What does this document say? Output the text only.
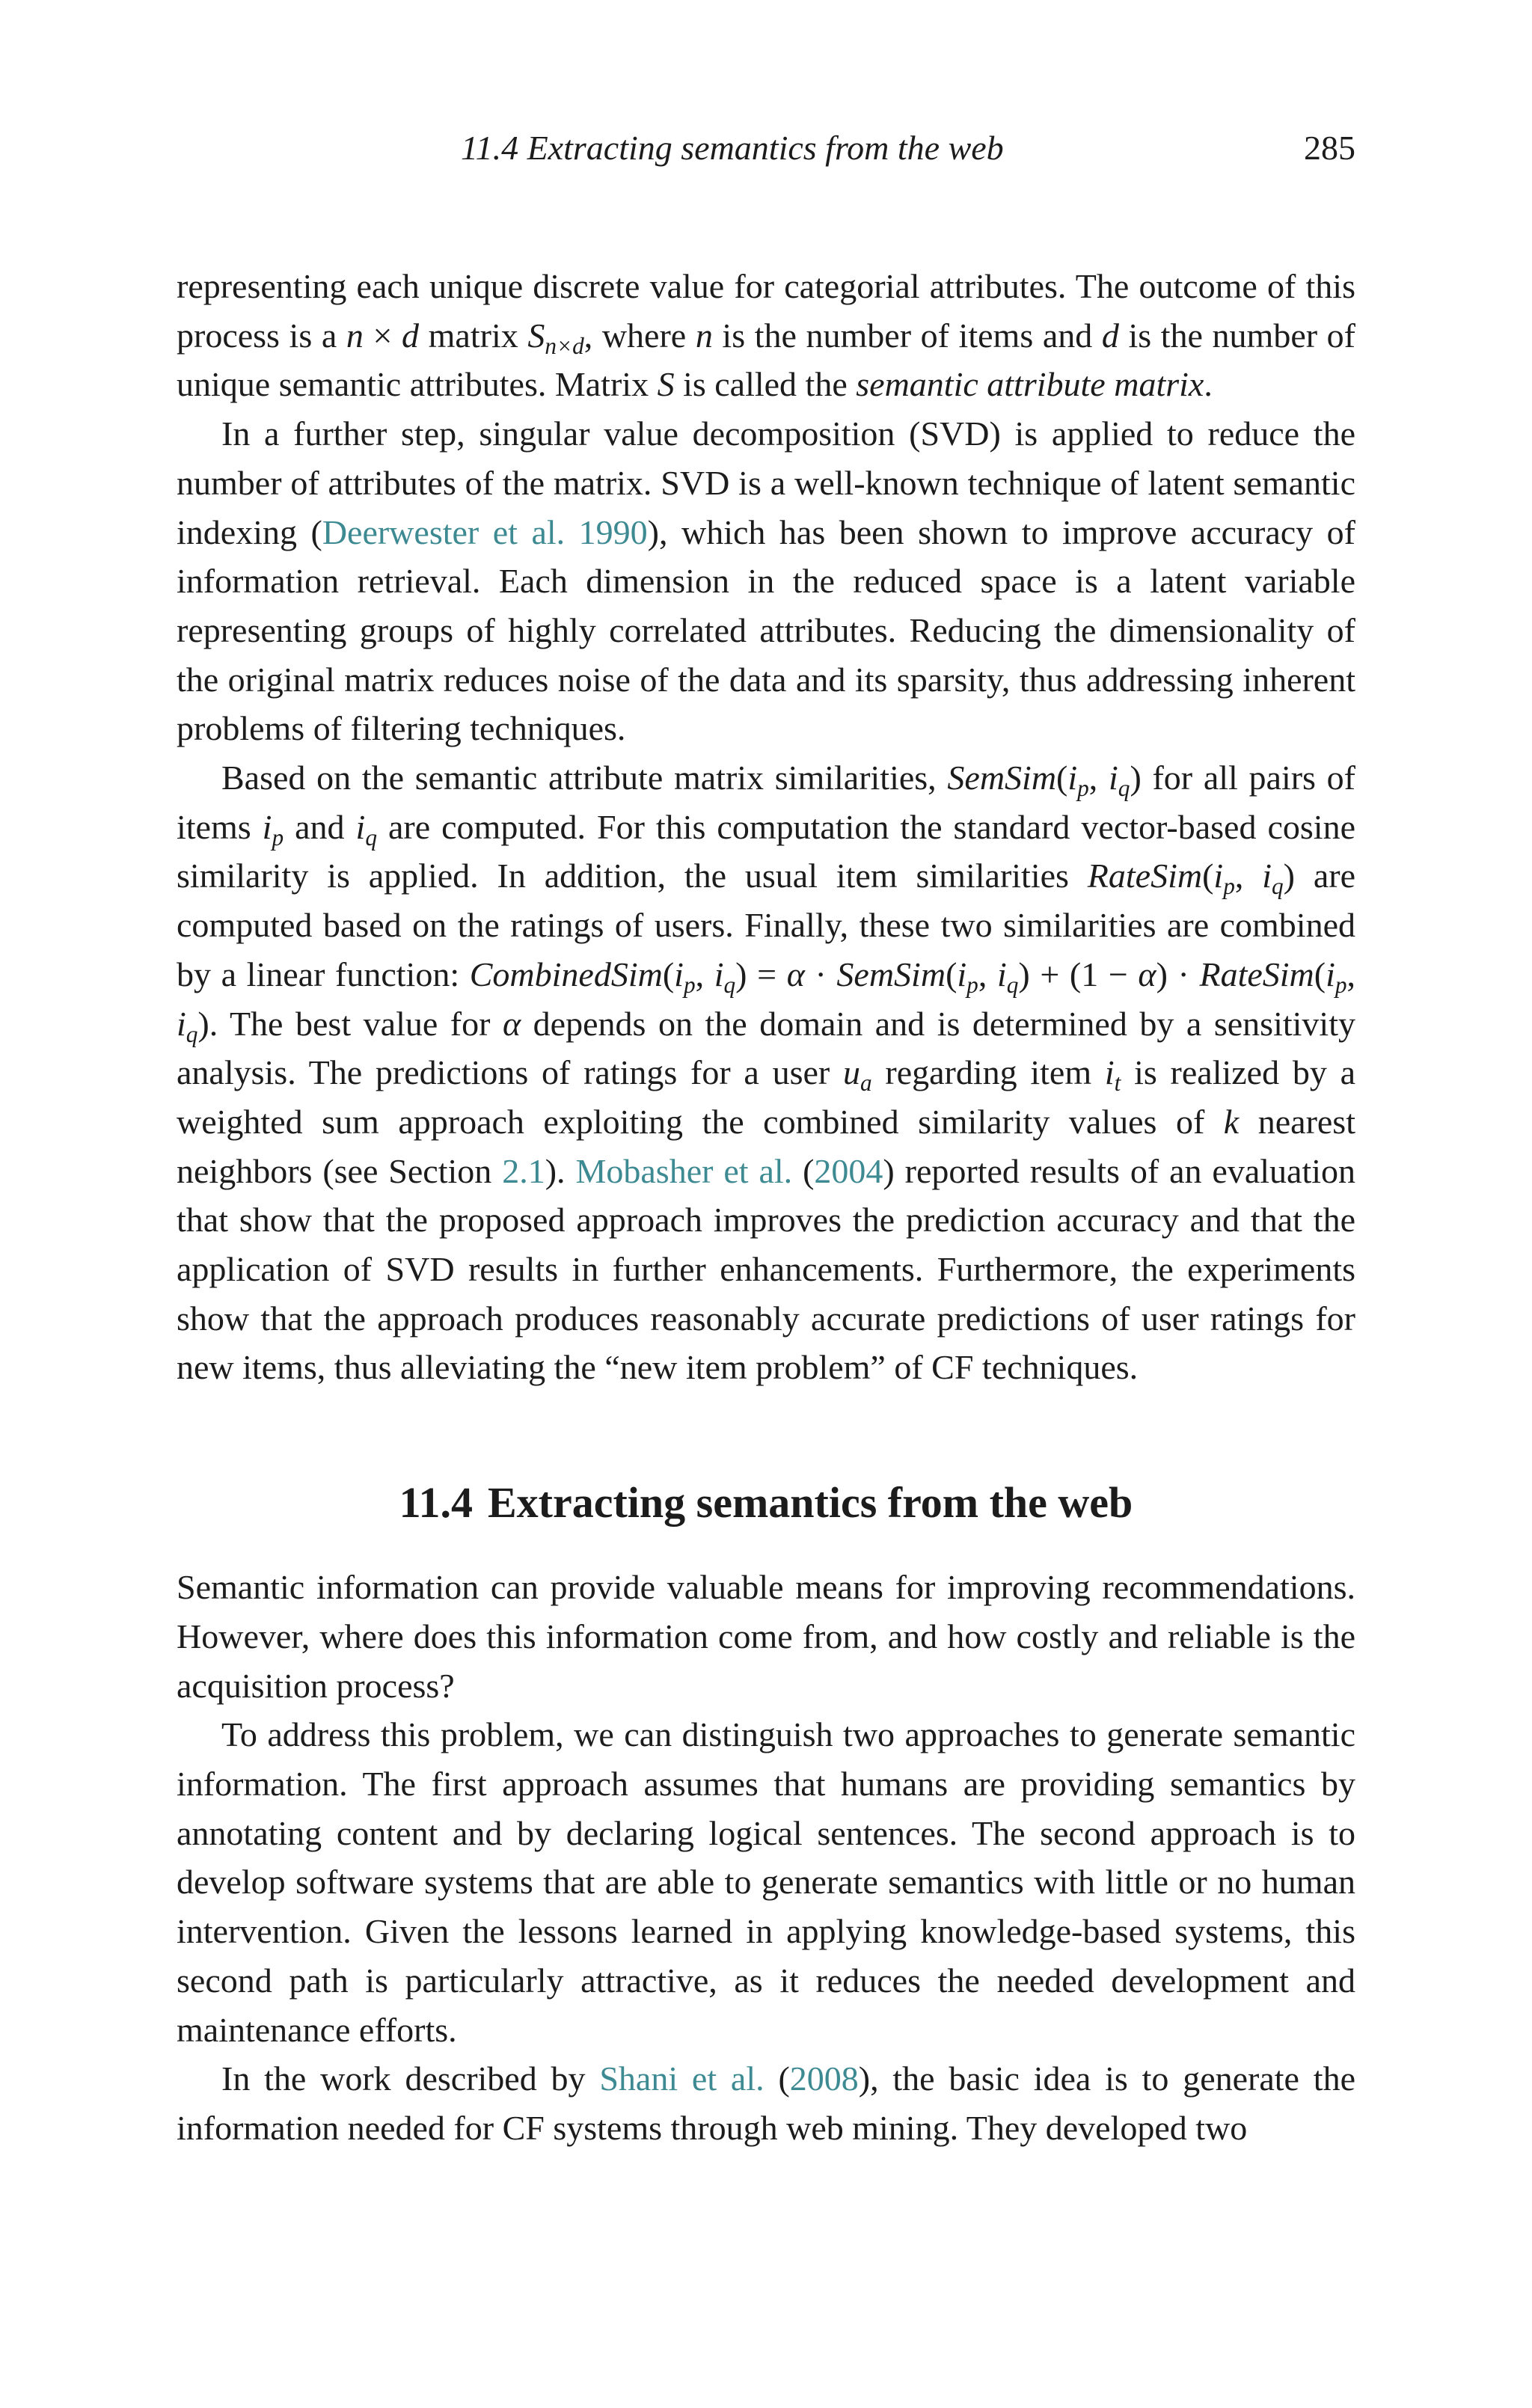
11.4 Extracting semantics from the web	285

representing each unique discrete value for categorial attributes. The outcome of this process is a n × d matrix $S_{n\times d}$, where n is the number of items and d is the number of unique semantic attributes. Matrix S is called the semantic attribute matrix.

In a further step, singular value decomposition (SVD) is applied to reduce the number of attributes of the matrix. SVD is a well-known technique of latent semantic indexing (Deerwester et al. 1990), which has been shown to improve accuracy of information retrieval. Each dimension in the reduced space is a latent variable representing groups of highly correlated attributes. Reducing the dimensionality of the original matrix reduces noise of the data and its sparsity, thus addressing inherent problems of filtering techniques.

Based on the semantic attribute matrix similarities, $SemSim(i_p$, $i_q$) for all pairs of items $i_p$ and $i_q$ are computed. For this computation the standard vector-based cosine similarity is applied. In addition, the usual item similarities $RateSim(i_p$, $i_q$) are computed based on the ratings of users. Finally, these two similarities are combined by a linear function: $CombinedSim(i_p$, $i_q) = \alpha$ · $SemSim(i_p$, $i_q) + (1 - \alpha)$ · $RateSim(i_p$, $i_q$). The best value for α depends on the domain and is determined by a sensitivity analysis. The predictions of ratings for a user $u_a$ regarding item $i_t$ is realized by a weighted sum approach exploiting the combined similarity values of k nearest neighbors (see Section 2.1). Mobasher et al. (2004) reported results of an evaluation that show that the proposed approach improves the prediction accuracy and that the application of SVD results in further enhancements. Furthermore, the experiments show that the approach produces reasonably accurate predictions of user ratings for new items, thus alleviating the “new item problem” of CF techniques.

11.4 Extracting semantics from the web

Semantic information can provide valuable means for improving recommendations. However, where does this information come from, and how costly and reliable is the acquisition process?

To address this problem, we can distinguish two approaches to generate semantic information. The first approach assumes that humans are providing semantics by annotating content and by declaring logical sentences. The second approach is to develop software systems that are able to generate semantics with little or no human intervention. Given the lessons learned in applying knowledge-based systems, this second path is particularly attractive, as it reduces the needed development and maintenance efforts.

In the work described by Shani et al. (2008), the basic idea is to generate the information needed for CF systems through web mining. They developed two
